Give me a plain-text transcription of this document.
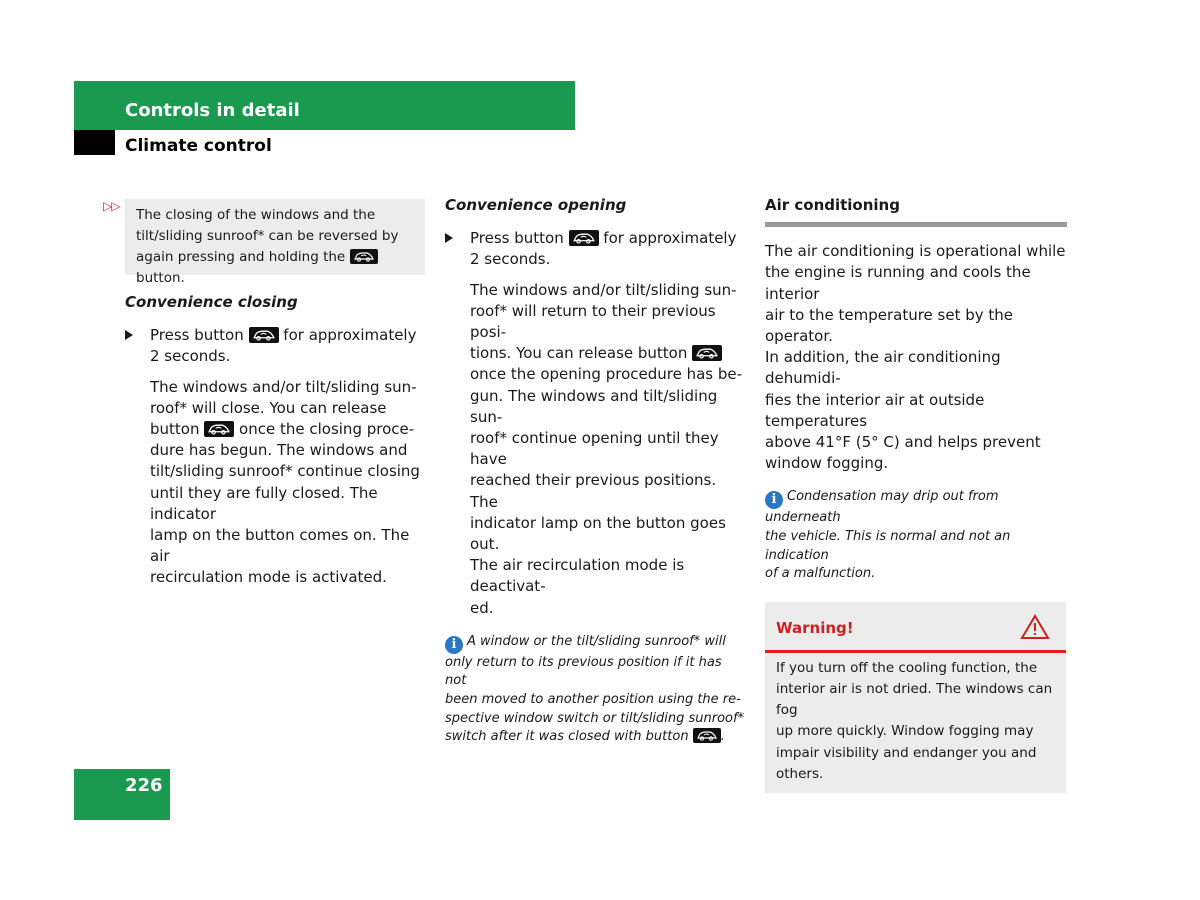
Controls in detail
Climate control
▷▷
The closing of the windows and the
tilt/sliding sunroof* can be reversed by
again pressing and holding the
button.

Convenience closing

Press button	for approximately
2 seconds.
The windows and/or tilt/sliding sun-
roof* will close. You can release
button	once the closing proce-
dure has begun. The windows and
tilt/sliding sunroof* continue closing
until they are fully closed. The indicator
lamp on the button comes on. The air
recirculation mode is activated.

Convenience opening

Press button	for approximately
2 seconds.
The windows and/or tilt/sliding sun-
roof* will return to their previous posi-
tions. You can release button
once the opening procedure has be-
gun. The windows and tilt/sliding sun-
roof* continue opening until they have
reached their previous positions. The
indicator lamp on the button goes out.
The air recirculation mode is deactivat-
ed.
i A window or the tilt/sliding sunroof* will
only return to its previous position if it has not
been moved to another position using the re-
spective window switch or tilt/sliding sunroof*
switch after it was closed with button .

Air conditioning

The air conditioning is operational while
the engine is running and cools the interior
air to the temperature set by the operator.
In addition, the air conditioning dehumidi-
fies the interior air at outside temperatures
above 41°F (5° C) and helps prevent
window fogging.
i Condensation may drip out from underneath
the vehicle. This is normal and not an indication
of a malfunction.
Warning!
If you turn off the cooling function, the
interior air is not dried. The windows can fog
up more quickly. Window fogging may
impair visibility and endanger you and
others.
226
